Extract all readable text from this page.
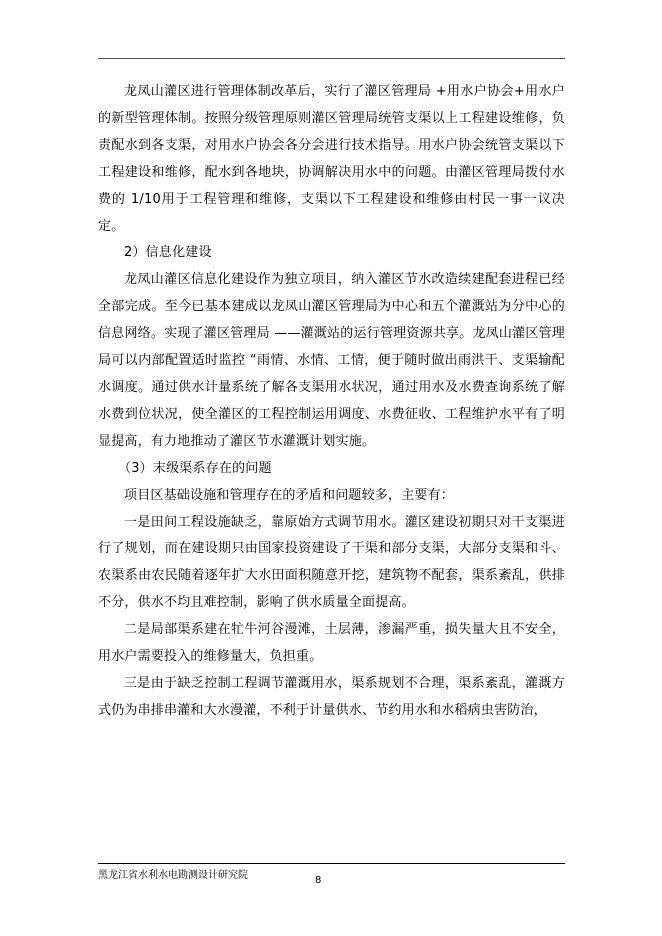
龙凤山灌区进行管理体制改革后，实行了灌区管理局 +用水户协会+用水户的新型管理体制。按照分级管理原则灌区管理局统管支渠以上工程建设维修，负责配水到各支渠，对用水户协会各分会进行技术指导。用水户协会统管支渠以下工程建设和维修，配水到各地块，协调解决用水中的问题。由灌区管理局拨付水费的 1/10用于工程管理和维修，支渠以下工程建设和维修由村民一事一议决定。

2）信息化建设

龙凤山灌区信息化建设作为独立项目，纳入灌区节水改造续建配套进程已经全部完成。至今已基本建成以龙凤山灌区管理局为中心和五个灌溉站为分中心的信息网络。实现了灌区管理局 ——灌溉站的运行管理资源共享。龙凤山灌区管理局可以内部配置适时监控 “雨情、水情、工情，便于随时做出雨洪干、支渠输配水调度。通过供水计量系统了解各支渠用水状况，通过用水及水费查询系统了解水费到位状况，使全灌区的工程控制运用调度、水费征收、工程维护水平有了明显提高，有力地推动了灌区节水灌溉计划实施。

（3）末级渠系存在的问题

项目区基础设施和管理存在的矛盾和问题较多，主要有：

一是田间工程设施缺乏，靠原始方式调节用水。灌区建设初期只对干支渠进行了规划，而在建设期只由国家投资建设了干渠和部分支渠，大部分支渠和斗、农渠系由农民随着逐年扩大水田面积随意开挖，建筑物不配套，渠系紊乱，供排不分，供水不均且难控制，影响了供水质量全面提高。

二是局部渠系建在牤牛河谷漫滩，土层薄，渗漏严重，损失量大且不安全，用水户需要投入的维修量大，负担重。

三是由于缺乏控制工程调节灌溉用水，渠系规划不合理，渠系紊乱，灌溉方式仍为串排串灌和大水漫灌，不利于计量供水、节约用水和水稻病虫害防治，

黑龙江省水利水电勘测设计研究院	8
